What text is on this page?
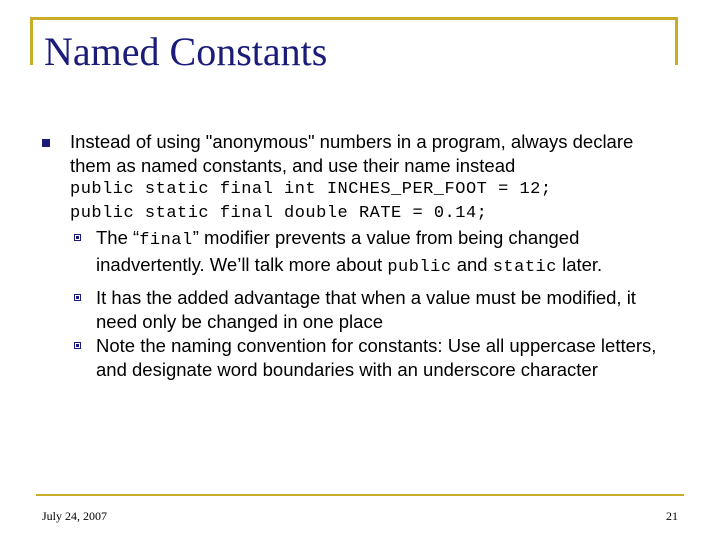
Named Constants
Instead of using "anonymous" numbers in a program, always declare them as named constants, and use their name instead
public static final int INCHES_PER_FOOT = 12;
public static final double RATE = 0.14;
The “final” modifier prevents a value from being changed inadvertently. We’ll talk more about public and static later.
It has the added advantage that when a value must be modified, it need only be changed in one place
Note the naming convention for constants: Use all uppercase letters, and designate word boundaries with an underscore character
July 24, 2007	21
